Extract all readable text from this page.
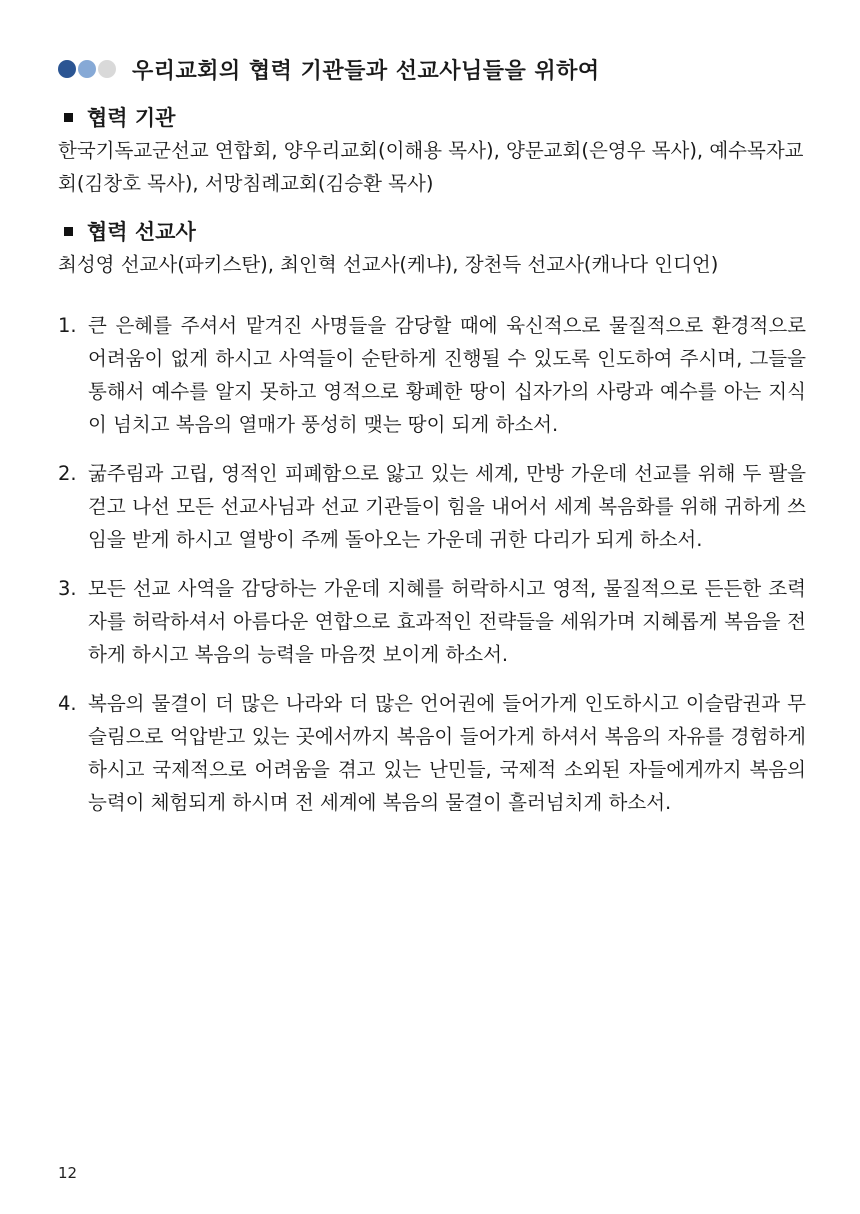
우리교회의 협력 기관들과 선교사님들을 위하여
협력 기관
한국기독교군선교 연합회, 양우리교회(이해용 목사), 양문교회(은영우 목사), 예수목자교회(김창호 목사), 서망침례교회(김승환 목사)
협력 선교사
최성영 선교사(파키스탄), 최인혁 선교사(케냐), 장천득 선교사(캐나다 인디언)
1. 큰 은혜를 주셔서 맡겨진 사명들을 감당할 때에 육신적으로 물질적으로 환경적으로 어려움이 없게 하시고 사역들이 순탄하게 진행될 수 있도록 인도하여 주시며, 그들을 통해서 예수를 알지 못하고 영적으로 황폐한 땅이 십자가의 사랑과 예수를 아는 지식이 넘치고 복음의 열매가 풍성히 맺는 땅이 되게 하소서.
2. 굶주림과 고립, 영적인 피폐함으로 앓고 있는 세계, 만방 가운데 선교를 위해 두 팔을 걷고 나선 모든 선교사님과 선교 기관들이 힘을 내어서 세계 복음화를 위해 귀하게 쓰임을 받게 하시고 열방이 주께 돌아오는 가운데 귀한 다리가 되게 하소서.
3. 모든 선교 사역을 감당하는 가운데 지혜를 허락하시고 영적, 물질적으로 든든한 조력자를 허락하셔서 아름다운 연합으로 효과적인 전략들을 세워가며 지혜롭게 복음을 전하게 하시고 복음의 능력을 마음껏 보이게 하소서.
4. 복음의 물결이 더 많은 나라와 더 많은 언어권에 들어가게 인도하시고 이슬람권과 무슬림으로 억압받고 있는 곳에서까지 복음이 들어가게 하셔서 복음의 자유를 경험하게 하시고 국제적으로 어려움을 겪고 있는 난민들, 국제적 소외된 자들에게까지 복음의 능력이 체험되게 하시며 전 세계에 복음의 물결이 흘러넘치게 하소서.
12
